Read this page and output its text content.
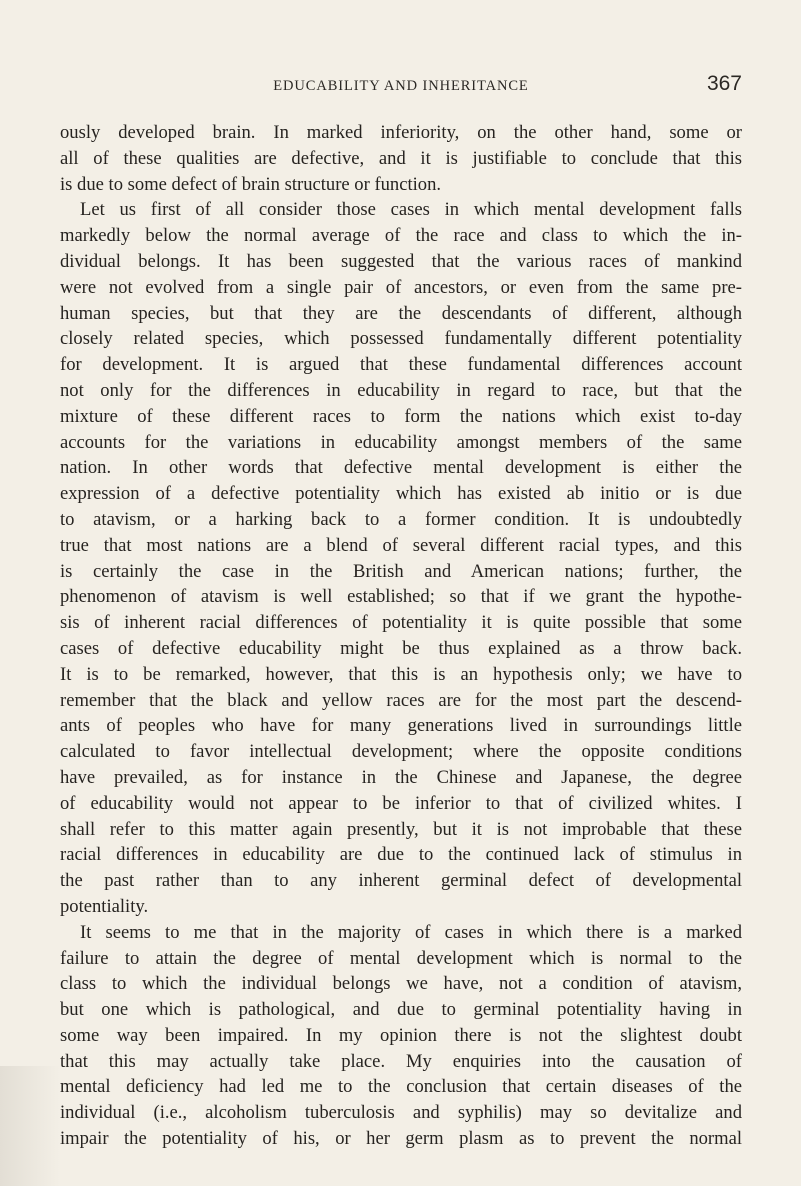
EDUCABILITY AND INHERITANCE	367
ously developed brain. In marked inferiority, on the other hand, some or
all of these qualities are defective, and it is justifiable to conclude that this
is due to some defect of brain structure or function.
Let us first of all consider those cases in which mental development falls
markedly below the normal average of the race and class to which the in-
dividual belongs. It has been suggested that the various races of mankind
were not evolved from a single pair of ancestors, or even from the same pre-
human species, but that they are the descendants of different, although
closely related species, which possessed fundamentally different potentiality
for development. It is argued that these fundamental differences account
not only for the differences in educability in regard to race, but that the
mixture of these different races to form the nations which exist to-day
accounts for the variations in educability amongst members of the same
nation. In other words that defective mental development is either the
expression of a defective potentiality which has existed ab initio or is due
to atavism, or a harking back to a former condition. It is undoubtedly
true that most nations are a blend of several different racial types, and this
is certainly the case in the British and American nations; further, the
phenomenon of atavism is well established; so that if we grant the hypothe-
sis of inherent racial differences of potentiality it is quite possible that some
cases of defective educability might be thus explained as a throw back.
It is to be remarked, however, that this is an hypothesis only; we have to
remember that the black and yellow races are for the most part the descend-
ants of peoples who have for many generations lived in surroundings little
calculated to favor intellectual development; where the opposite conditions
have prevailed, as for instance in the Chinese and Japanese, the degree
of educability would not appear to be inferior to that of civilized whites. I
shall refer to this matter again presently, but it is not improbable that these
racial differences in educability are due to the continued lack of stimulus in
the past rather than to any inherent germinal defect of developmental
potentiality.
It seems to me that in the majority of cases in which there is a marked
failure to attain the degree of mental development which is normal to the
class to which the individual belongs we have, not a condition of atavism,
but one which is pathological, and due to germinal potentiality having in
some way been impaired. In my opinion there is not the slightest doubt
that this may actually take place. My enquiries into the causation of
mental deficiency had led me to the conclusion that certain diseases of the
individual (i.e., alcoholism tuberculosis and syphilis) may so devitalize and
impair the potentiality of his, or her germ plasm as to prevent the normal
